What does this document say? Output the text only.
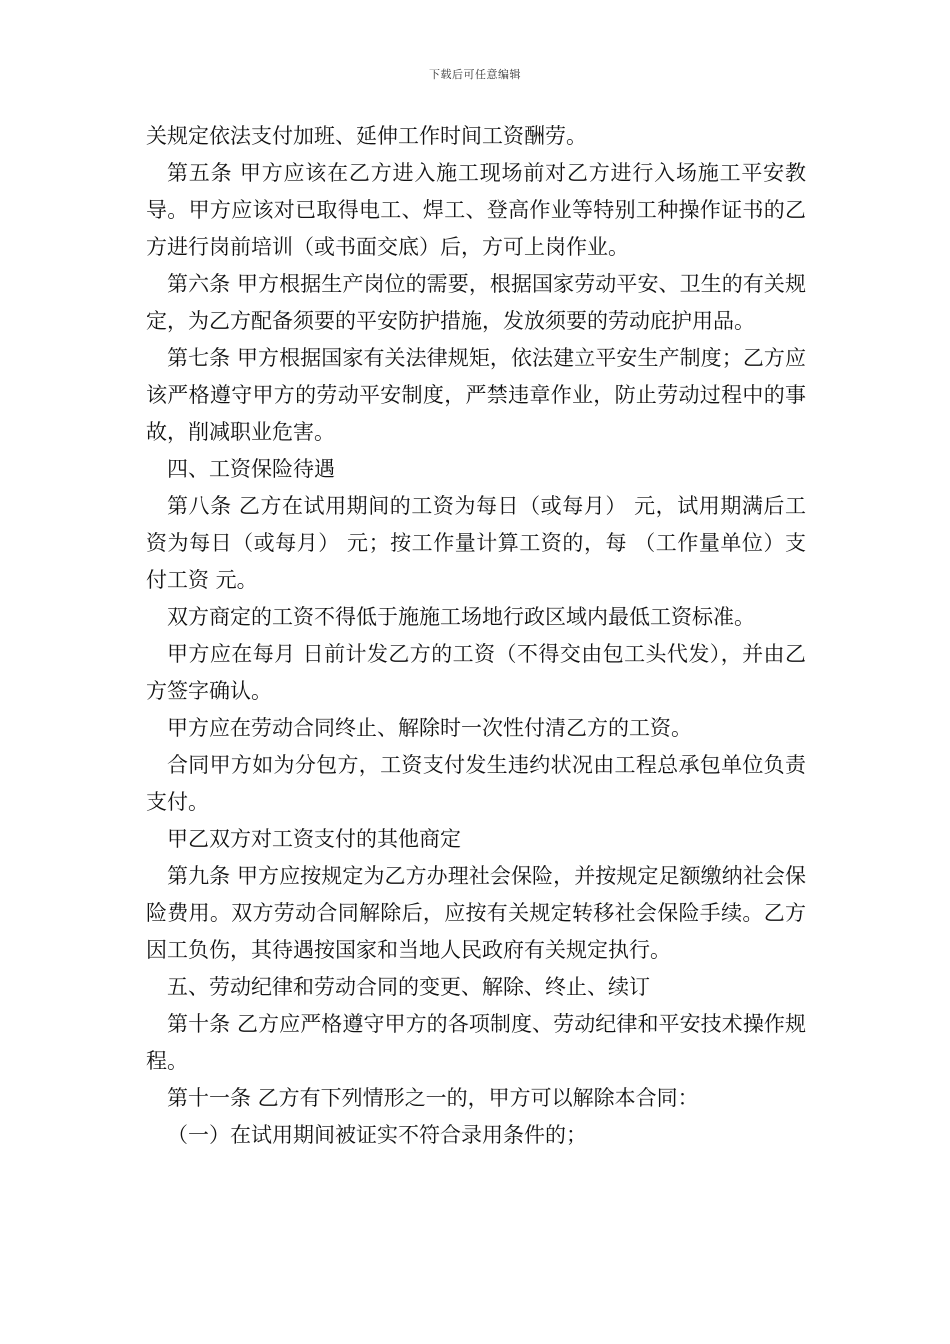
下载后可任意编辑

关规定依法支付加班、延伸工作时间工资酬劳。

第五条 甲方应该在乙方进入施工现场前对乙方进行入场施工平安教导。甲方应该对已取得电工、焊工、登高作业等特别工种操作证书的乙方进行岗前培训（或书面交底）后，方可上岗作业。

第六条 甲方根据生产岗位的需要，根据国家劳动平安、卫生的有关规定，为乙方配备须要的平安防护措施，发放须要的劳动庇护用品。

第七条 甲方根据国家有关法律规矩，依法建立平安生产制度；乙方应该严格遵守甲方的劳动平安制度，严禁违章作业，防止劳动过程中的事故，削减职业危害。

四、工资保险待遇

第八条 乙方在试用期间的工资为每日（或每月） 元，试用期满后工资为每日（或每月） 元；按工作量计算工资的，每 （工作量单位）支付工资 元。

双方商定的工资不得低于施施工场地行政区域内最低工资标准。

甲方应在每月 日前计发乙方的工资（不得交由包工头代发），并由乙方签字确认。

甲方应在劳动合同终止、解除时一次性付清乙方的工资。

合同甲方如为分包方，工资支付发生违约状况由工程总承包单位负责支付。

甲乙双方对工资支付的其他商定

第九条 甲方应按规定为乙方办理社会保险，并按规定足额缴纳社会保险费用。双方劳动合同解除后，应按有关规定转移社会保险手续。乙方因工负伤，其待遇按国家和当地人民政府有关规定执行。

五、劳动纪律和劳动合同的变更、解除、终止、续订

第十条 乙方应严格遵守甲方的各项制度、劳动纪律和平安技术操作规程。

第十一条 乙方有下列情形之一的，甲方可以解除本合同：

（一）在试用期间被证实不符合录用条件的；
